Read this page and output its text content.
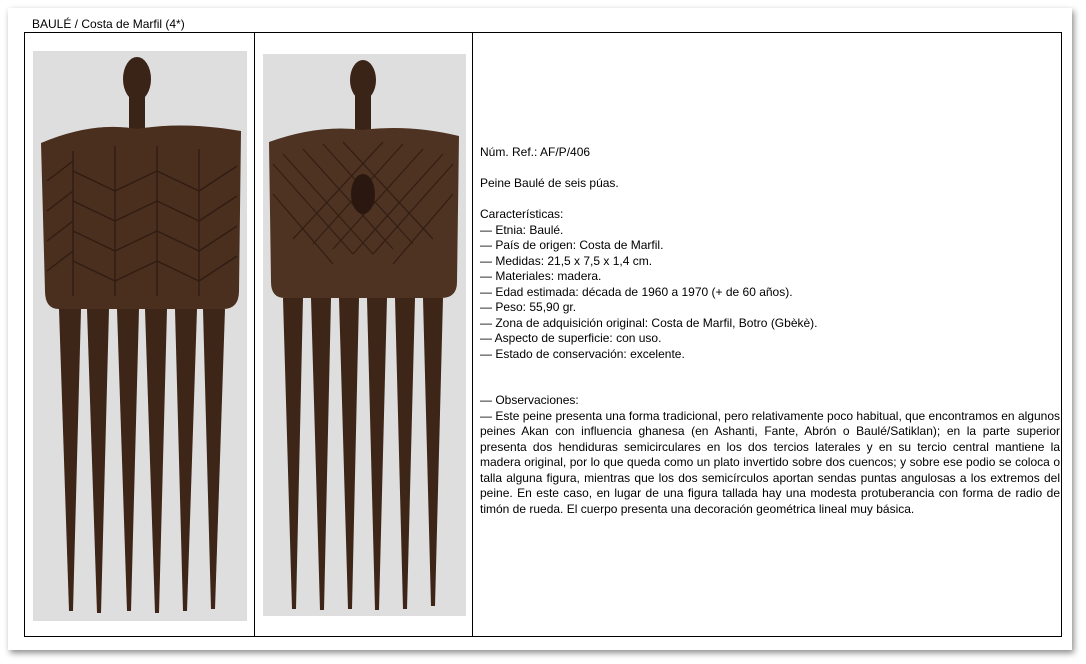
BAULÉ / Costa de Marfil (4*)

Núm. Ref.: AF/P/406

Peine Baulé de seis púas.

Características:

— Etnia: Baulé.

— País de origen: Costa de Marfil.

— Medidas: 21,5 x 7,5 x 1,4 cm.

— Materiales: madera.

— Edad estimada: década de 1960 a 1970 (+ de 60 años).

— Peso: 55,90 gr.

— Zona de adquisición original: Costa de Marfil, Botro (Gbèkè).

— Aspecto de superficie: con uso.

— Estado de conservación: excelente.

— Observaciones:

— Este peine presenta una forma tradicional, pero relativamente poco habitual, que encontramos en algunos peines Akan con influencia ghanesa (en Ashanti, Fante, Abrón o Baulé/Satiklan); en la parte superior presenta dos hendiduras semicirculares en los dos tercios laterales y en su tercio central mantiene la madera original, por lo que queda como un plato invertido sobre dos cuencos; y sobre ese podio se coloca o talla alguna figura, mientras que los dos semicírculos aportan sendas puntas angulosas a los extremos del peine. En este caso, en lugar de una figura tallada hay una modesta protuberancia con forma de radio de timón de rueda. El cuerpo presenta una decoración geométrica lineal muy básica.
